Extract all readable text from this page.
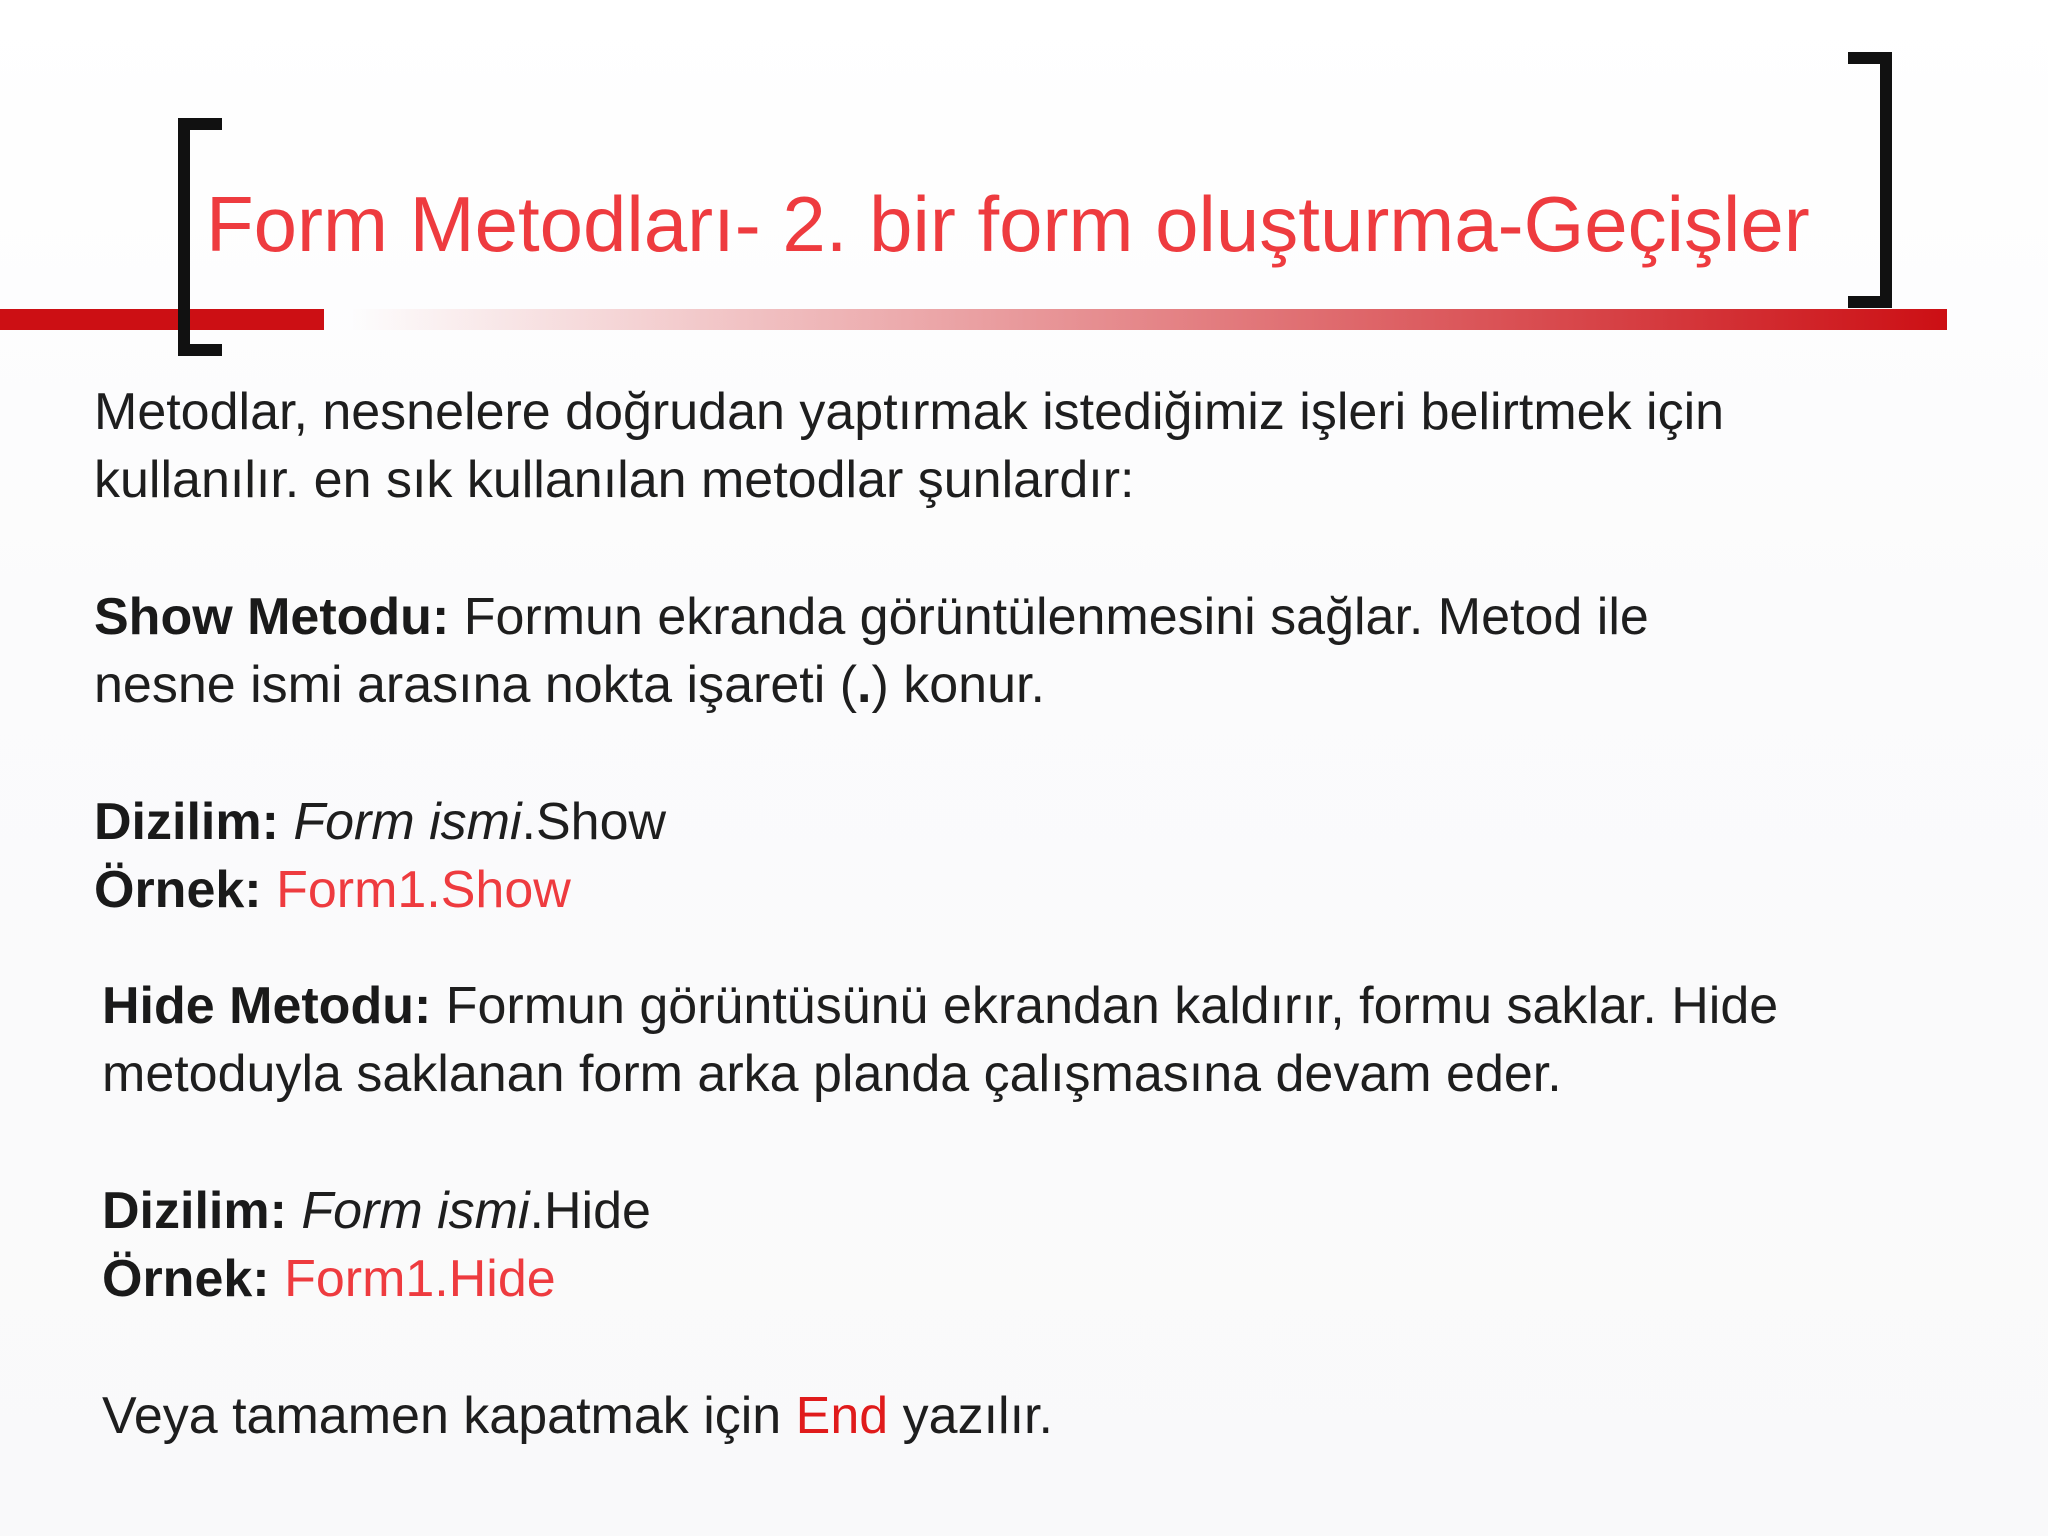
Form Metodları- 2. bir form oluşturma-Geçişler

Metodlar, nesnelere doğrudan yaptırmak istediğimiz işleri belirtmek için
kullanılır. en sık kullanılan metodlar şunlardır:

Show Metodu: Formun ekranda görüntülenmesini sağlar. Metod ile
nesne ismi arasına nokta işareti (.) konur.

Dizilim: Form ismi.Show
Örnek: Form1.Show

Hide Metodu: Formun görüntüsünü ekrandan kaldırır, formu saklar. Hide
metoduyla saklanan form arka planda çalışmasına devam eder.

Dizilim: Form ismi.Hide
Örnek: Form1.Hide

Veya tamamen kapatmak için End yazılır.
